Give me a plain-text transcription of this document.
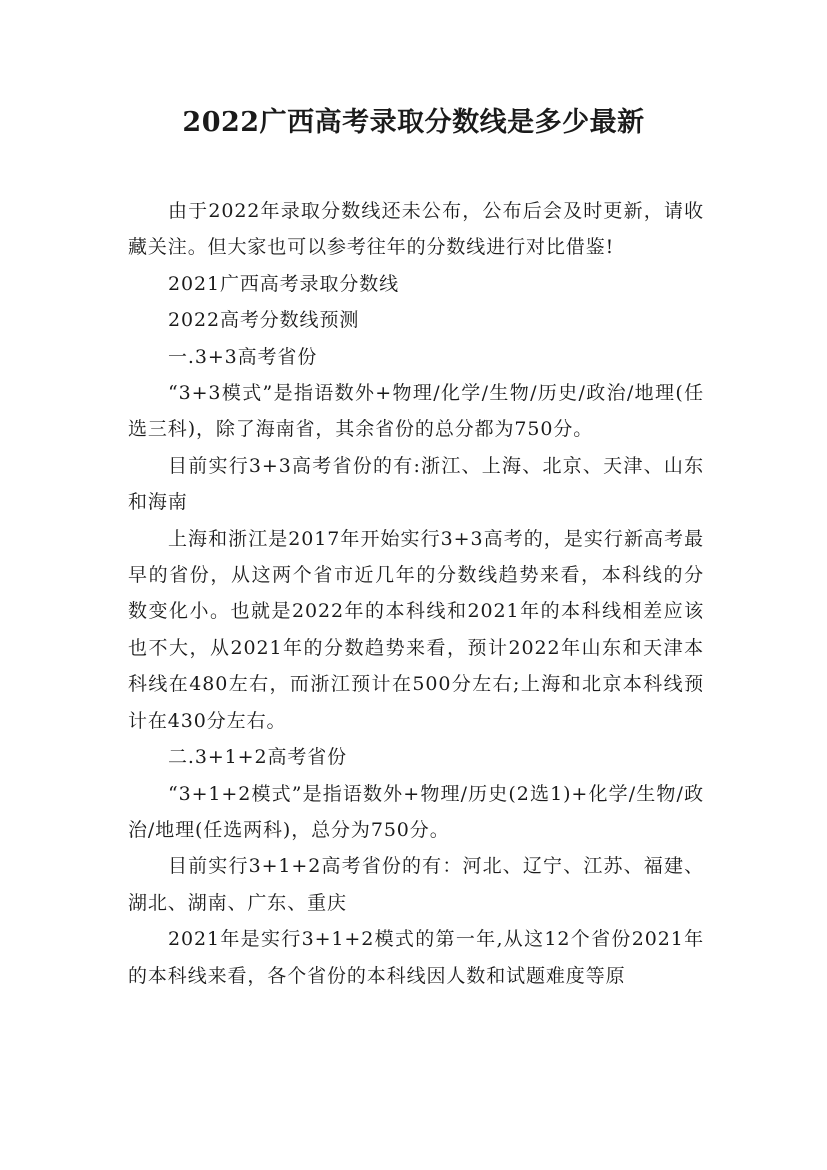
2022广西高考录取分数线是多少最新

由于2022年录取分数线还未公布，公布后会及时更新，请收藏关注。但大家也可以参考往年的分数线进行对比借鉴!

2021广西高考录取分数线

2022高考分数线预测

一.3+3高考省份

“3+3模式”是指语数外+物理/化学/生物/历史/政治/地理(任选三科)，除了海南省，其余省份的总分都为750分。

目前实行3+3高考省份的有:浙江、上海、北京、天津、山东和海南

上海和浙江是2017年开始实行3+3高考的，是实行新高考最早的省份，从这两个省市近几年的分数线趋势来看，本科线的分数变化小。也就是2022年的本科线和2021年的本科线相差应该也不大，从2021年的分数趋势来看，预计2022年山东和天津本科线在480左右，而浙江预计在500分左右;上海和北京本科线预计在430分左右。

二.3+1+2高考省份

“3+1+2模式”是指语数外+物理/历史(2选1)+化学/生物/政治/地理(任选两科)，总分为750分。

目前实行3+1+2高考省份的有：河北、辽宁、江苏、福建、湖北、湖南、广东、重庆

2021年是实行3+1+2模式的第一年,从这12个省份2021年的本科线来看，各个省份的本科线因人数和试题难度等原
